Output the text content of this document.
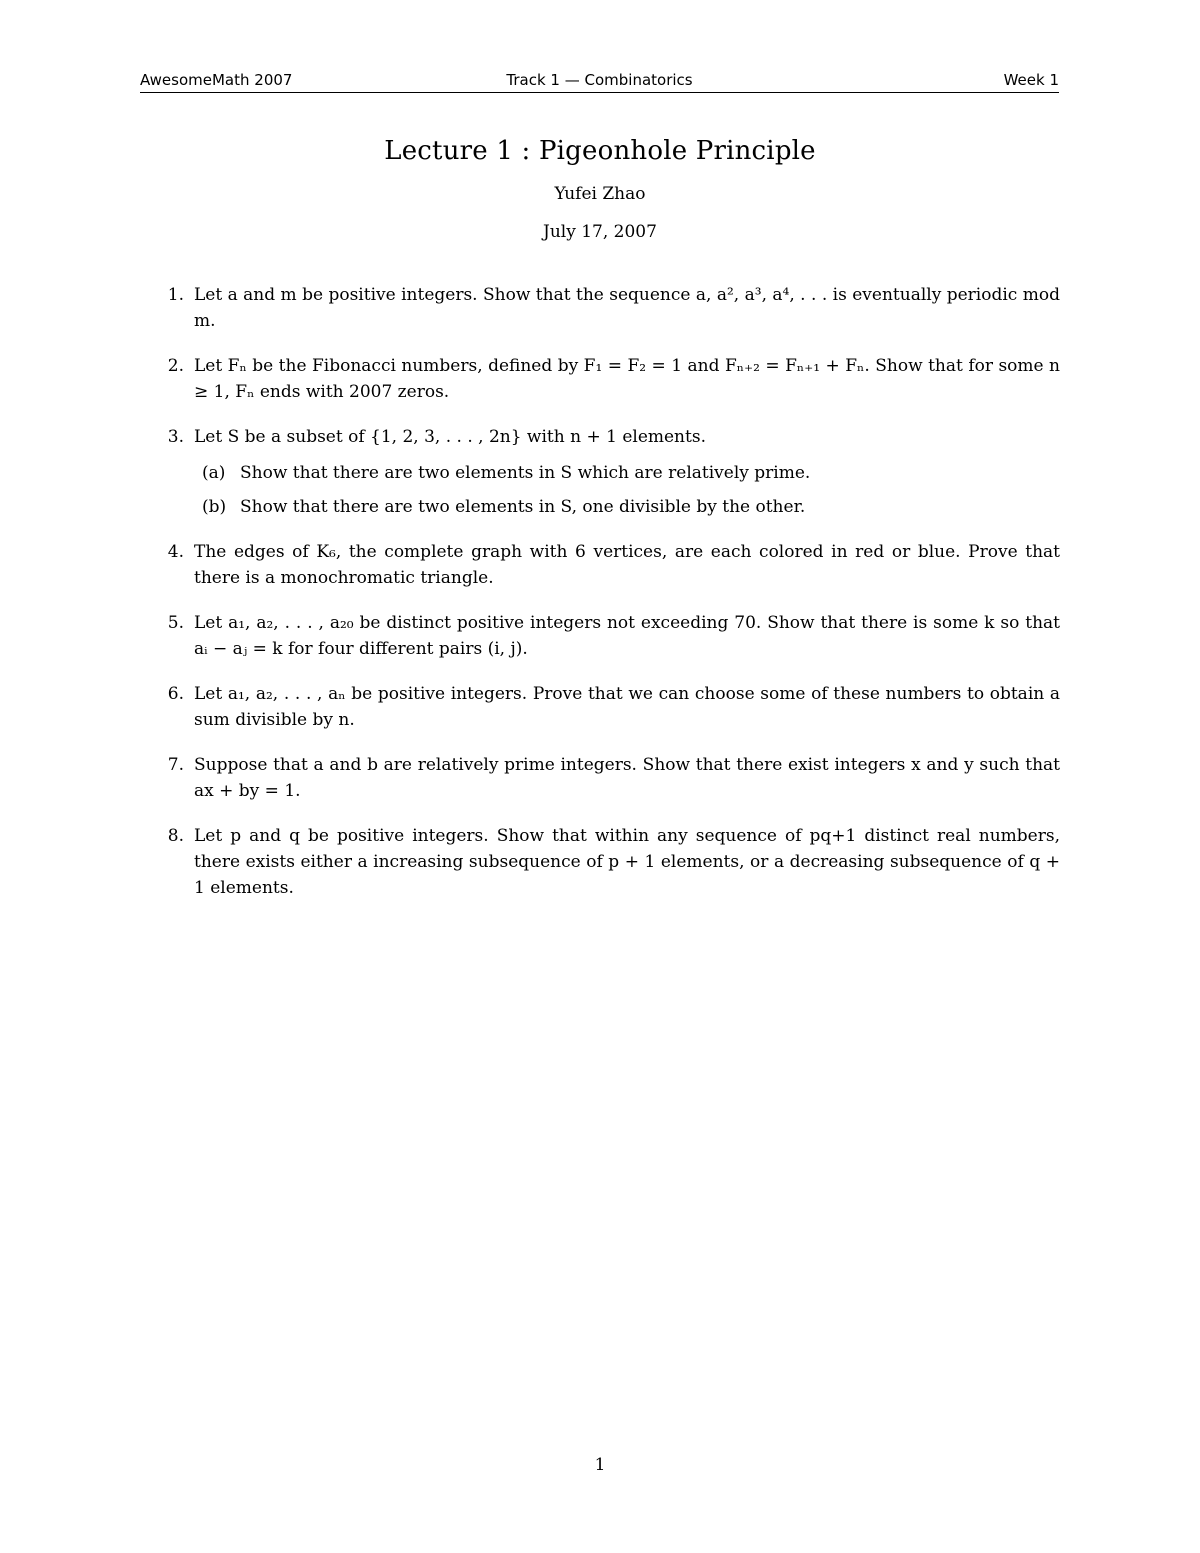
AwesomeMath 2007	Track 1 — Combinatorics	Week 1
Lecture 1 : Pigeonhole Principle
Yufei Zhao
July 17, 2007
1. Let a and m be positive integers. Show that the sequence a, a², a³, a⁴, . . . is eventually periodic mod m.
2. Let Fₙ be the Fibonacci numbers, defined by F₁ = F₂ = 1 and Fₙ₊₂ = Fₙ₊₁ + Fₙ. Show that for some n ≥ 1, Fₙ ends with 2007 zeros.
3. Let S be a subset of {1, 2, 3, . . . , 2n} with n + 1 elements.
(a) Show that there are two elements in S which are relatively prime.
(b) Show that there are two elements in S, one divisible by the other.
4. The edges of K₆, the complete graph with 6 vertices, are each colored in red or blue. Prove that there is a monochromatic triangle.
5. Let a₁, a₂, . . . , a₂₀ be distinct positive integers not exceeding 70. Show that there is some k so that aᵢ − aⱼ = k for four different pairs (i, j).
6. Let a₁, a₂, . . . , aₙ be positive integers. Prove that we can choose some of these numbers to obtain a sum divisible by n.
7. Suppose that a and b are relatively prime integers. Show that there exist integers x and y such that ax + by = 1.
8. Let p and q be positive integers. Show that within any sequence of pq+1 distinct real numbers, there exists either a increasing subsequence of p + 1 elements, or a decreasing subsequence of q + 1 elements.
1
